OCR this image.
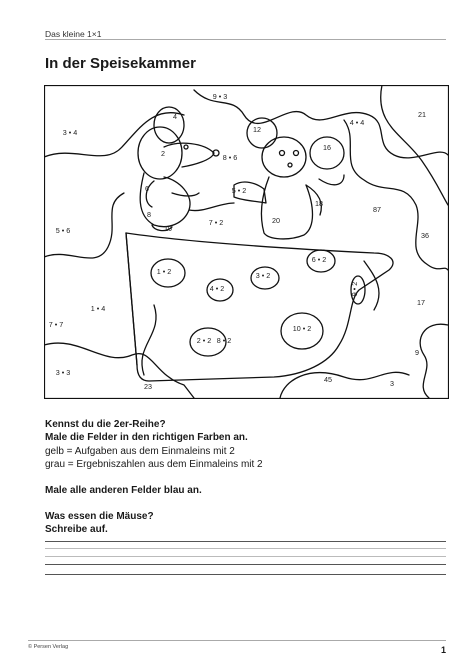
Das kleine 1×1
In der Speisekammer
9 • 3
3 • 4
4
2
12
4 • 4
21
16
8 • 6
6	5 • 2
8
18
87
10
7 • 2	20
5 • 6
36
6 • 2
1 • 2	3 • 2
4 • 2	9 • 2
1 • 4
17
7 • 7	10 • 2
2 • 2 8 • 2
9
3 • 3
45
23	3
Kennst du die 2er-Reihe?
Male die Felder in den richtigen Farben an.
gelb = Aufgaben aus dem Einmaleins mit 2
grau = Ergebniszahlen aus dem Einmaleins mit 2
Male alle anderen Felder blau an.
Was essen die Mäuse?
Schreibe auf.
© Persen Verlag	1
